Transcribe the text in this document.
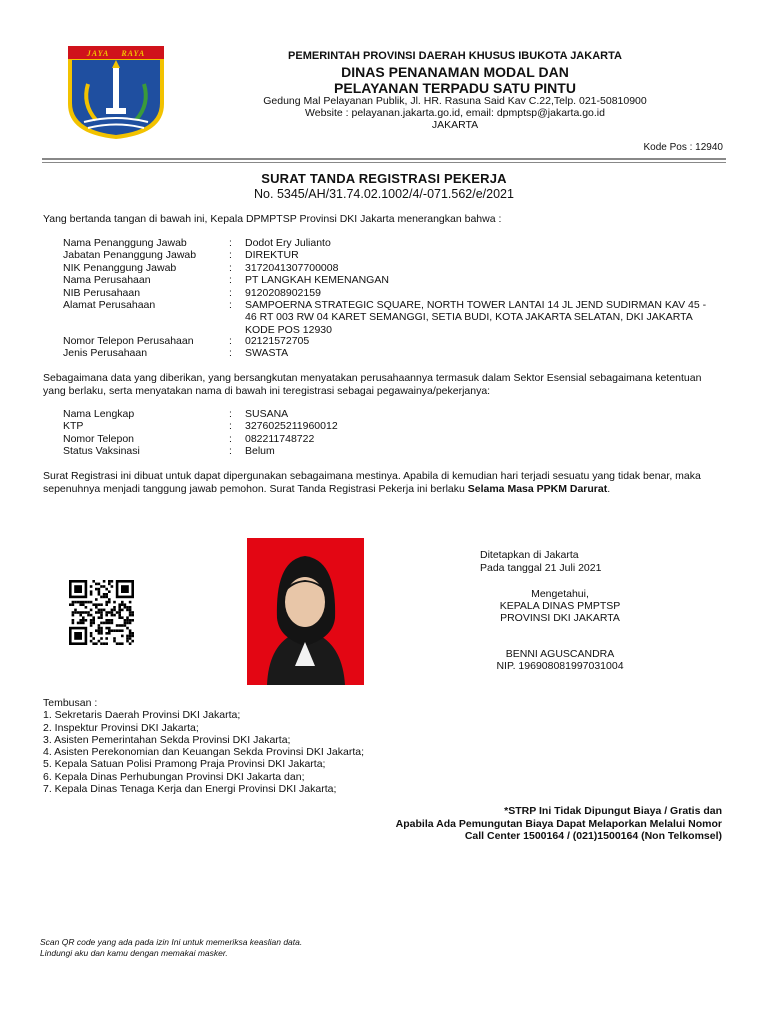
JAYA    RAYA	PEMERINTAH PROVINSI DAERAH KHUSUS IBUKOTA JAKARTA
DINAS PENANAMAN MODAL DAN
PELAYANAN TERPADU SATU PINTU
Gedung Mal Pelayanan Publik, Jl. HR. Rasuna Said Kav C.22,Telp. 021-50810900
Website : pelayanan.jakarta.go.id, email: dpmptsp@jakarta.go.id
JAKARTA
Kode Pos : 12940
SURAT TANDA REGISTRASI PEKERJA
No. 5345/AH/31.74.02.1002/4/-071.562/e/2021
Yang bertanda tangan di bawah ini, Kepala DPMPTSP Provinsi DKI Jakarta menerangkan bahwa :
Nama Penanggung Jawab	: Dodot Ery Julianto
Jabatan Penanggung Jawab	: DIREKTUR
NIK Penanggung Jawab	: 3172041307700008
Nama Perusahaan	: PT LANGKAH KEMENANGAN
NIB Perusahaan	: 9120208902159
Alamat Perusahaan	: SAMPOERNA STRATEGIC SQUARE, NORTH TOWER LANTAI 14 JL JEND SUDIRMAN KAV 45 - 46 RT 003 RW 04 KARET SEMANGGI, SETIA BUDI, KOTA JAKARTA SELATAN, DKI JAKARTA KODE POS 12930
Nomor Telepon Perusahaan	: 02121572705
Jenis Perusahaan	: SWASTA
Sebagaimana data yang diberikan, yang bersangkutan menyatakan perusahaannya termasuk dalam Sektor Esensial sebagaimana ketentuan yang berlaku, serta menyatakan nama di bawah ini teregistrasi sebagai pegawainya/pekerjanya:
Nama Lengkap	: SUSANA
KTP	: 3276025211960012
Nomor Telepon	: 082211748722
Status Vaksinasi	: Belum
Surat Registrasi ini dibuat untuk dapat dipergunakan sebagaimana mestinya. Apabila di kemudian hari terjadi sesuatu yang tidak benar, maka sepenuhnya menjadi tanggung jawab pemohon. Surat Tanda Registrasi Pekerja ini berlaku Selama Masa PPKM Darurat.
Ditetapkan di Jakarta
Pada tanggal 21 Juli 2021
Mengetahui,
KEPALA DINAS PMPTSP
PROVINSI DKI JAKARTA
BENNI AGUSCANDRA
NIP. 196908081997031004
Tembusan :
1. Sekretaris Daerah Provinsi DKI Jakarta;
2. Inspektur Provinsi DKI Jakarta;
3. Asisten Pemerintahan Sekda Provinsi DKI Jakarta;
4. Asisten Perekonomian dan Keuangan Sekda Provinsi DKI Jakarta;
5. Kepala Satuan Polisi Pramong Praja Provinsi DKI Jakarta;
6. Kepala Dinas Perhubungan Provinsi DKI Jakarta dan;
7. Kepala Dinas Tenaga Kerja dan Energi Provinsi DKI Jakarta;
*STRP Ini Tidak Dipungut Biaya / Gratis dan
Apabila Ada Pemungutan Biaya Dapat Melaporkan Melalui Nomor
Call Center 1500164 / (021)1500164 (Non Telkomsel)
Scan QR code yang ada pada izin Ini untuk memeriksa keaslian data.
Lindungi aku dan kamu dengan memakai masker.
